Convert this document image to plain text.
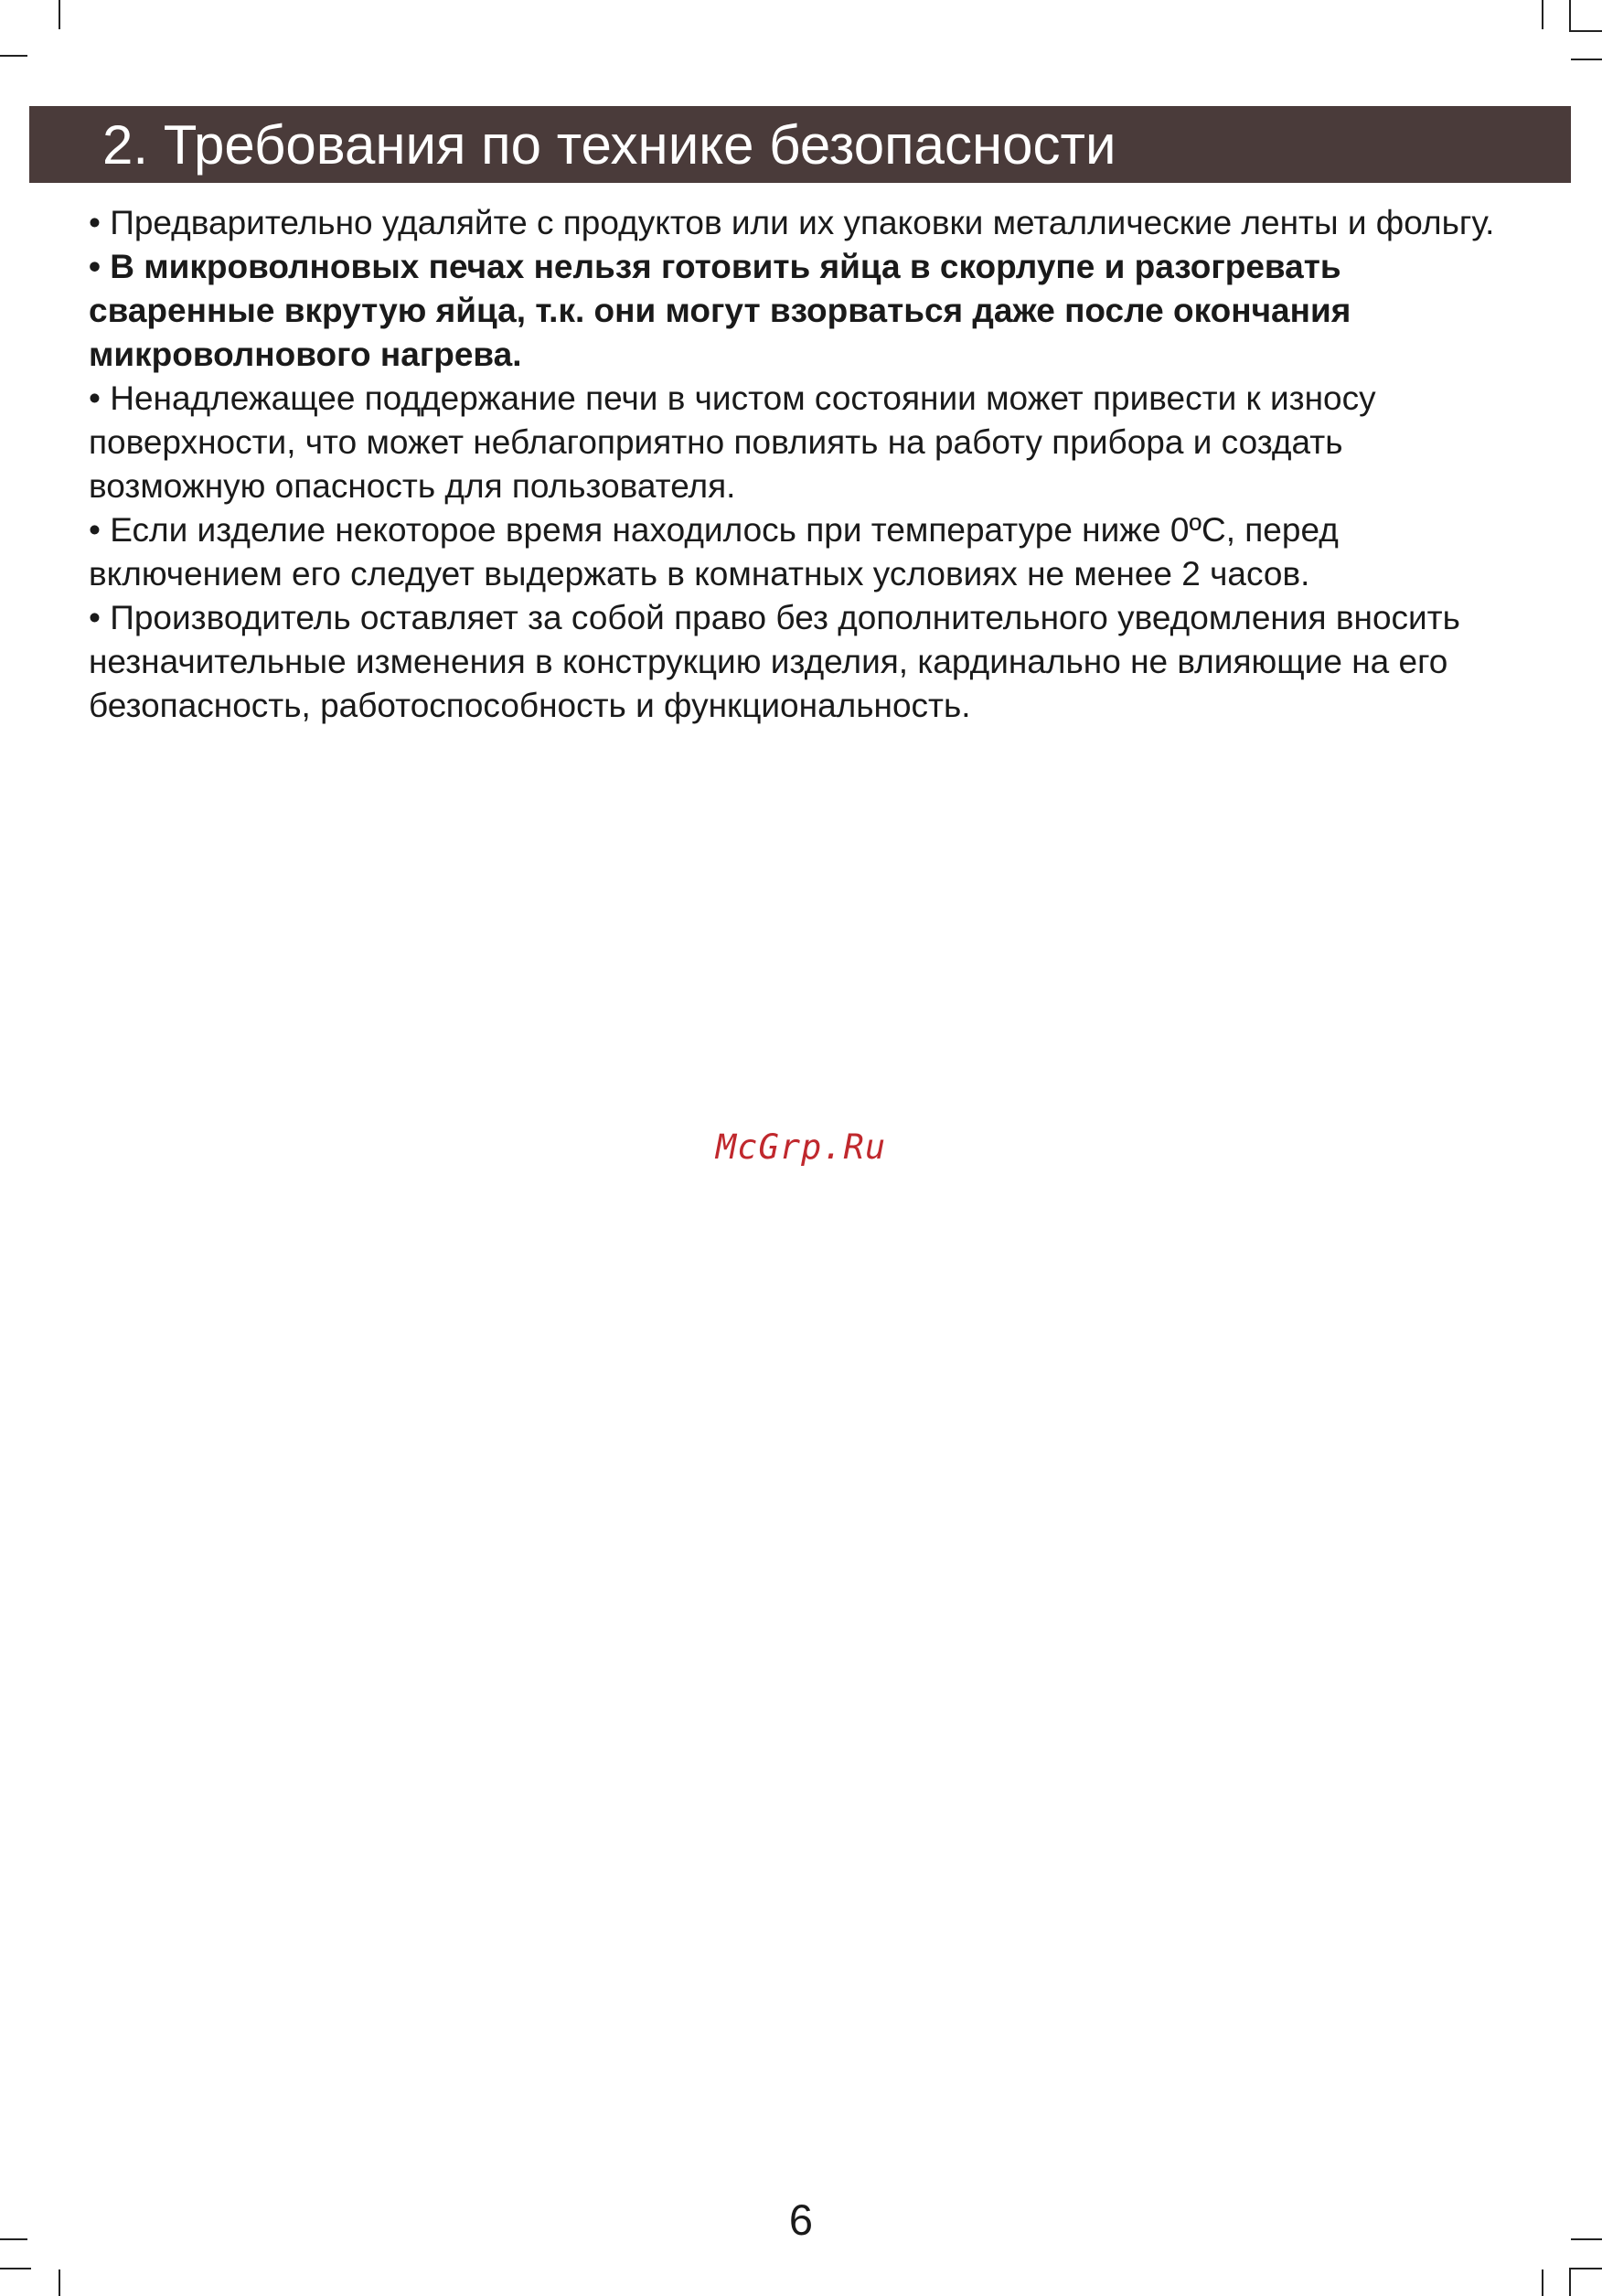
2. Требования по технике безопасности

• Предварительно удаляйте с продуктов или их упаковки металлические ленты и фольгу.

• В микроволновых печах нельзя готовить яйца в скорлупе и разогревать сваренные вкрутую яйца, т.к. они могут взорваться даже после окончания микроволнового нагрева.

• Ненадлежащее поддержание печи в чистом состоянии может привести к износу поверхности, что может неблагоприятно повлиять на работу прибора и создать возможную опасность для пользователя.

• Если изделие некоторое время находилось при температуре ниже 0ºС, перед включением его следует выдержать в комнатных условиях не менее 2 часов.

• Производитель оставляет за собой право без дополнительного уведомления вносить незначительные изменения в конструкцию изделия, кардинально не влияющие на его безопасность, работоспособность и функциональность.

McGrp.Ru
6
